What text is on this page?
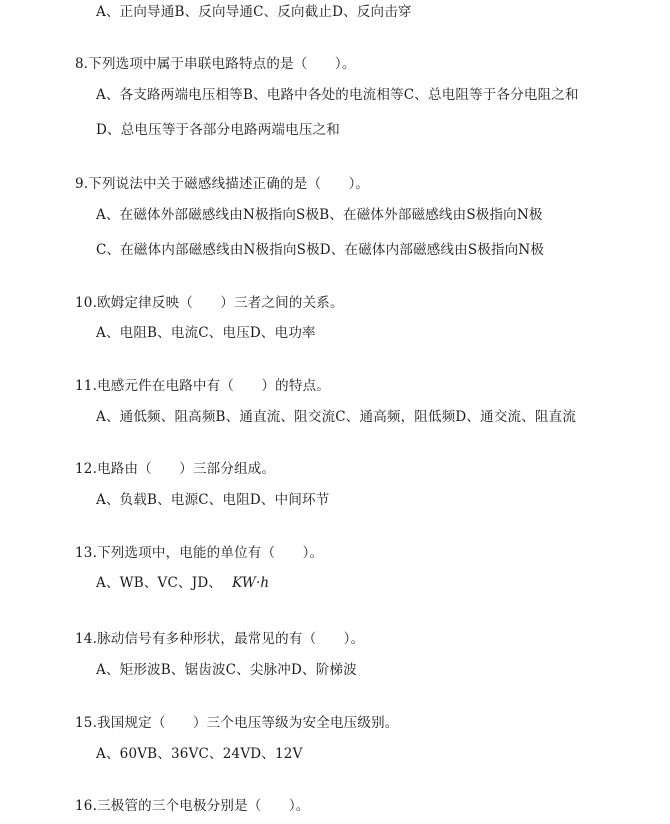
A、正向导通B、反向导通C、反向截止D、反向击穿
8.下列选项中属于串联电路特点的是（　　）。
A、各支路两端电压相等B、电路中各处的电流相等C、总电阻等于各分电阻之和
D、总电压等于各部分电路两端电压之和
9.下列说法中关于磁感线描述正确的是（　　）。
A、在磁体外部磁感线由N极指向S极B、在磁体外部磁感线由S极指向N极
C、在磁体内部磁感线由N极指向S极D、在磁体内部磁感线由S极指向N极
10.欧姆定律反映（　　）三者之间的关系。
A、电阻B、电流C、电压D、电功率
11.电感元件在电路中有（　　）的特点。
A、通低频、阻高频B、通直流、阻交流C、通高频，阻低频D、通交流、阻直流
12.电路由（　　）三部分组成。
A、负载B、电源C、电阻D、中间环节
13.下列选项中，电能的单位有（　　）。
A、WB、VC、JD、 KW·h
14.脉动信号有多种形状，最常见的有（　　）。
A、矩形波B、锯齿波C、尖脉冲D、阶梯波
15.我国规定（　　）三个电压等级为安全电压级别。
A、60VB、36VC、24VD、12V
16.三极管的三个电极分别是（　　）。
